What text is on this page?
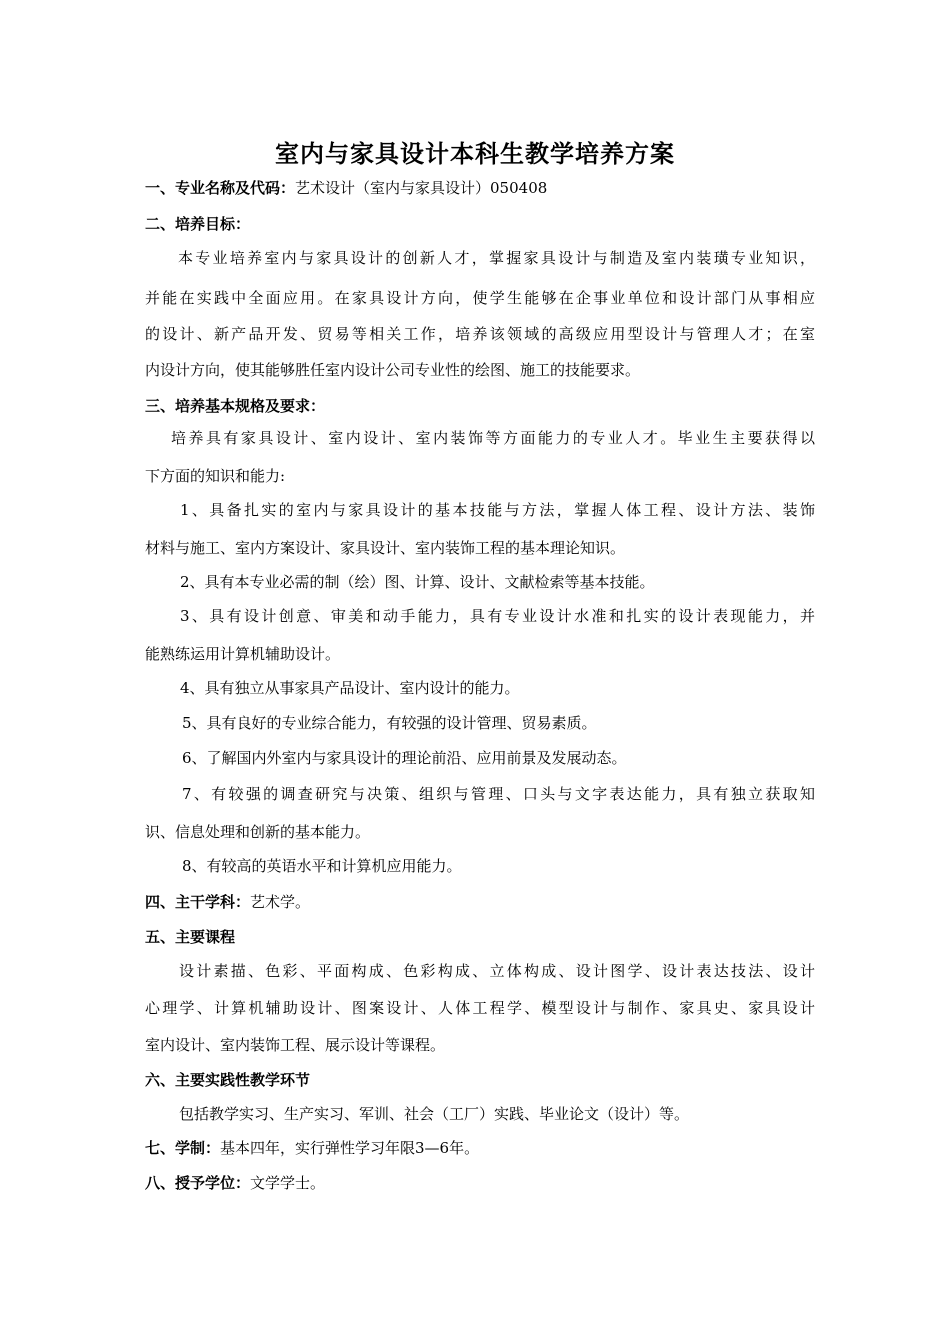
室内与家具设计本科生教学培养方案
一、专业名称及代码：艺术设计（室内与家具设计）050408
二、培养目标：
本专业培养室内与家具设计的创新人才，掌握家具设计与制造及室内装璜专业知识，
并能在实践中全面应用。在家具设计方向，使学生能够在企事业单位和设计部门从事相应
的设计、新产品开发、贸易等相关工作，培养该领域的高级应用型设计与管理人才；在室
内设计方向，使其能够胜任室内设计公司专业性的绘图、施工的技能要求。
三、培养基本规格及要求：
培养具有家具设计、室内设计、室内装饰等方面能力的专业人才。毕业生主要获得以
下方面的知识和能力:
1、具备扎实的室内与家具设计的基本技能与方法，掌握人体工程、设计方法、装饰
材料与施工、室内方案设计、家具设计、室内装饰工程的基本理论知识。
2、具有本专业必需的制（绘）图、计算、设计、文献检索等基本技能。
3、具有设计创意、审美和动手能力，具有专业设计水准和扎实的设计表现能力，并
能熟练运用计算机辅助设计。
4、具有独立从事家具产品设计、室内设计的能力。
5、具有良好的专业综合能力，有较强的设计管理、贸易素质。
6、了解国内外室内与家具设计的理论前沿、应用前景及发展动态。
7、有较强的调查研究与决策、组织与管理、口头与文字表达能力，具有独立获取知
识、信息处理和创新的基本能力。
8、有较高的英语水平和计算机应用能力。
四、主干学科：艺术学。
五、主要课程
设计素描、色彩、平面构成、色彩构成、立体构成、设计图学、设计表达技法、设计
心理学、计算机辅助设计、图案设计、人体工程学、模型设计与制作、家具史、家具设计
室内设计、室内装饰工程、展示设计等课程。
六、主要实践性教学环节
包括教学实习、生产实习、军训、社会（工厂）实践、毕业论文（设计）等。
七、学制：基本四年，实行弹性学习年限3—6年。
八、授予学位：文学学士。
